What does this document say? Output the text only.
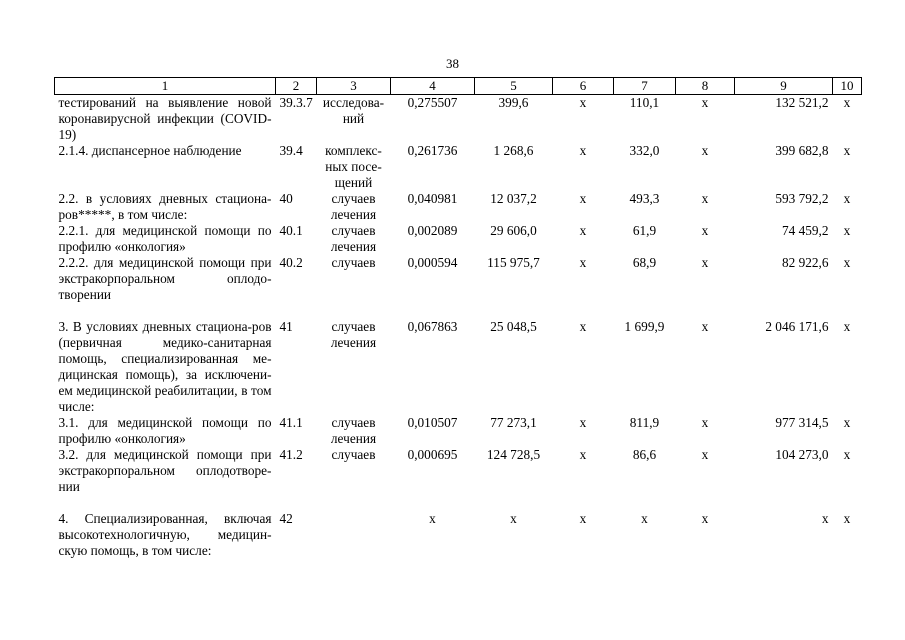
38
1	2	3	4	5	6	7	8	9	10
тестирований на выявление новой коронавирусной инфекции (COVID-19)	39.3.7	исследова-
ний	0,275507	399,6	х	110,1	х	132 521,2	х
2.1.4. диспансерное наблюдение	39.4	комплекс-
ных посе-
щений	0,261736	1 268,6	х	332,0	х	399 682,8	х
2.2. в условиях дневных стациона-ров*****, в том числе:	40	случаев
лечения	0,040981	12 037,2	х	493,3	х	593 792,2	х
2.2.1. для медицинской помощи по профилю «онкология»	40.1	случаев
лечения	0,002089	29 606,0	х	61,9	х	74 459,2	х
2.2.2. для медицинской помощи при экстракорпоральном оплодо-творении	40.2	случаев	0,000594	115 975,7	х	68,9	х	82 922,6	х

3. В условиях дневных стациона-ров (первичная медико-санитарная помощь, специализированная ме-дицинская помощь), за исключени-ем медицинской реабилитации, в том числе:	41	случаев
лечения	0,067863	25 048,5	х	1 699,9	х	2 046 171,6	х
3.1. для медицинской помощи по профилю «онкология»	41.1	случаев
лечения	0,010507	77 273,1	х	811,9	х	977 314,5	х
3.2. для медицинской помощи при экстракорпоральном оплодотворе-нии	41.2	случаев	0,000695	124 728,5	х	86,6	х	104 273,0	х

4. Специализированная, включая высокотехнологичную, медицин-скую помощь, в том числе:	42		х	х	х	х	х	х	х
